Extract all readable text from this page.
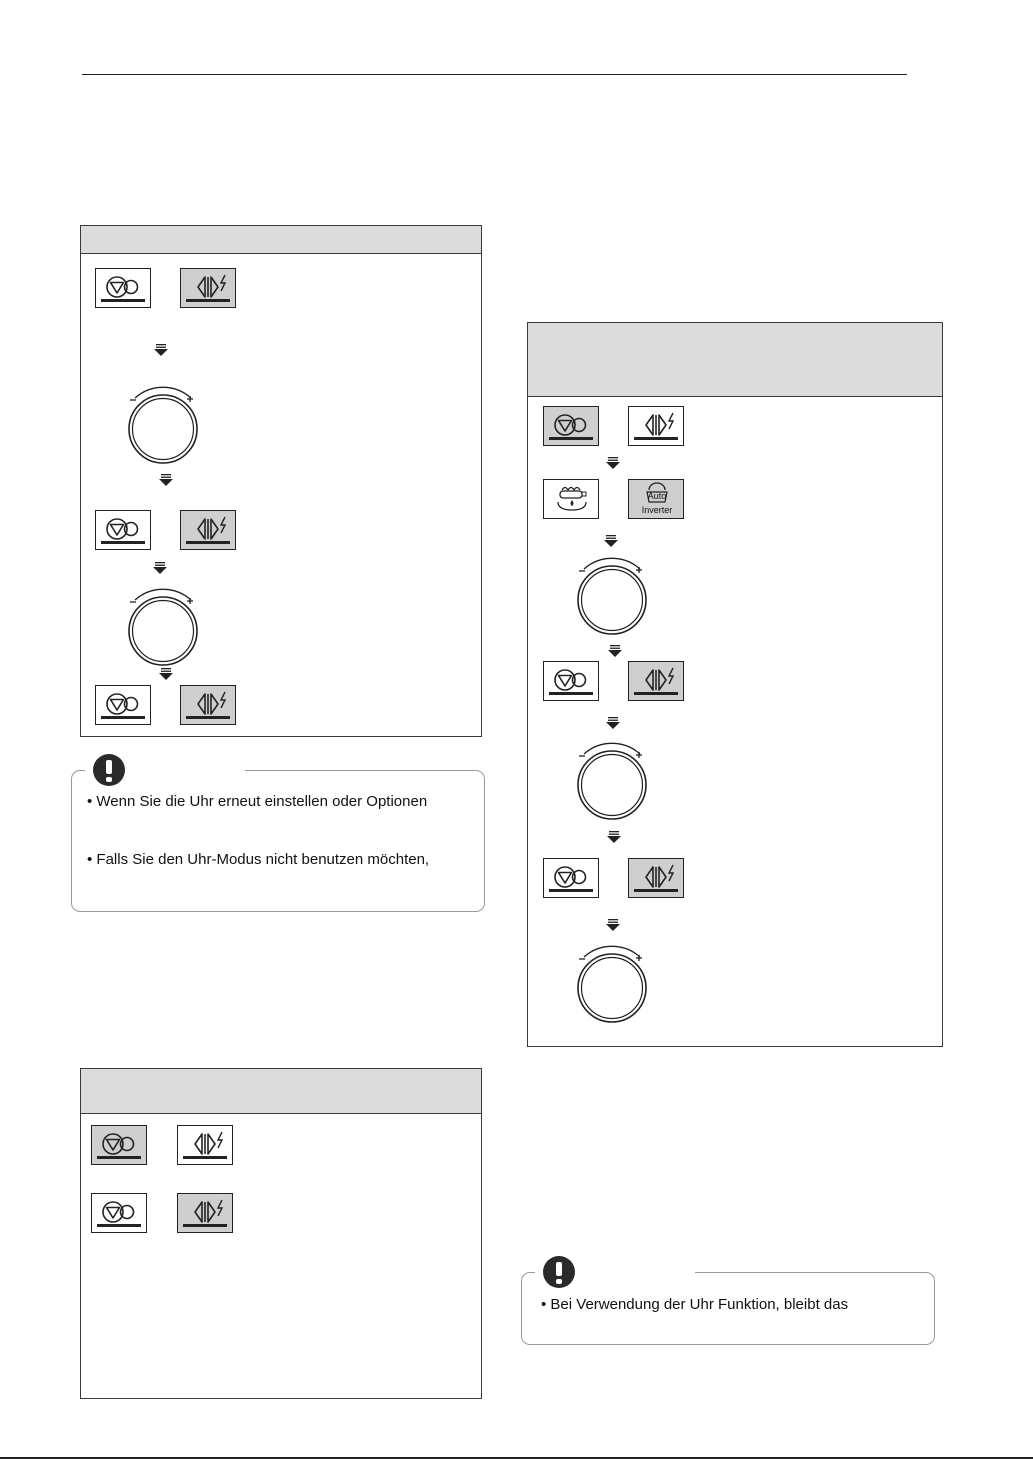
• Wenn Sie die Uhr erneut einstellen oder Optionen
• Falls Sie den Uhr-Modus nicht benutzen möchten,
Auto
Inverter
• Bei Verwendung der Uhr Funktion, bleibt das
